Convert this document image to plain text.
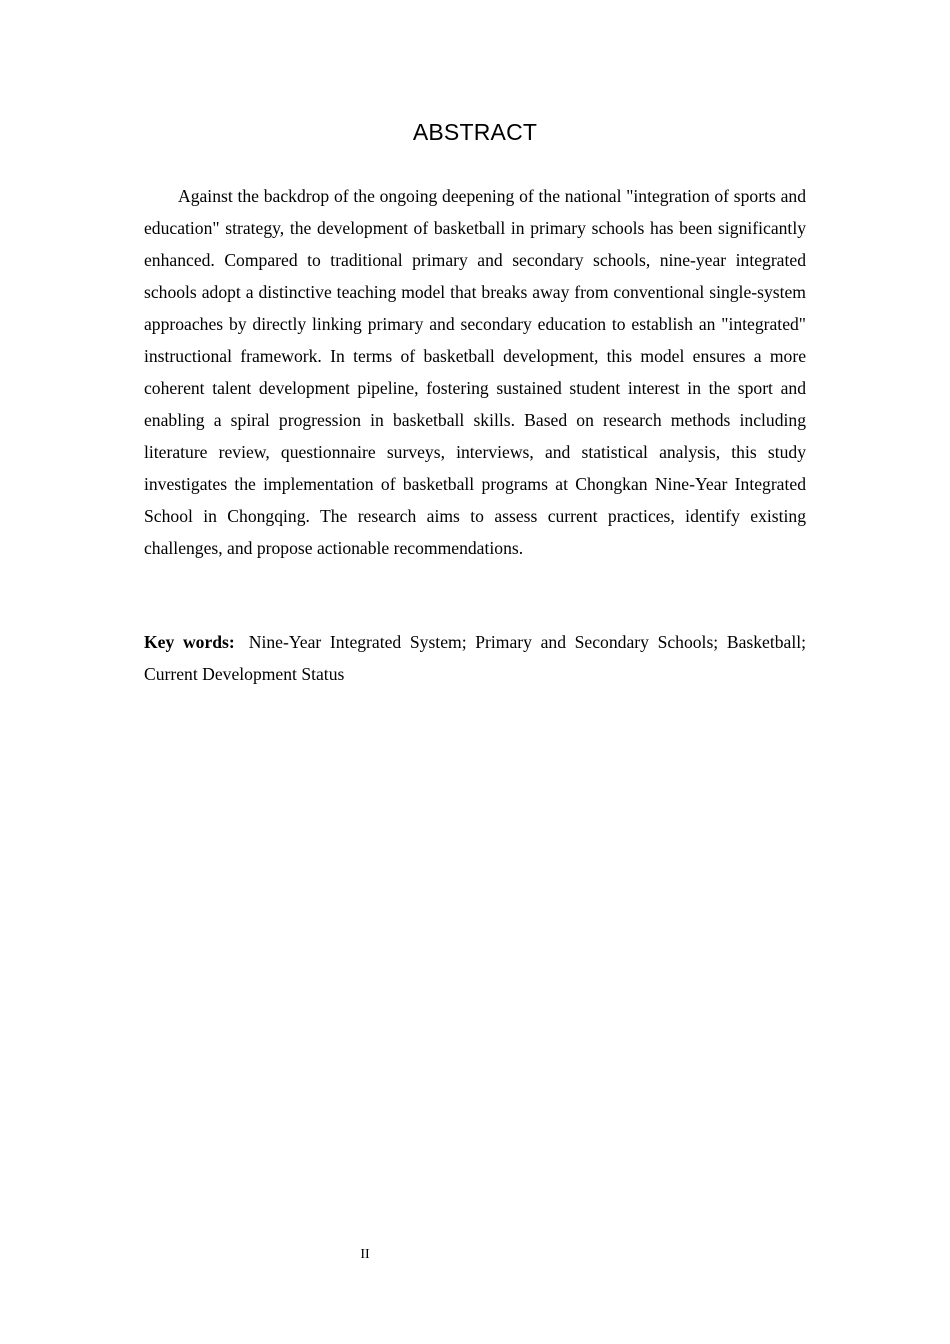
ABSTRACT

Against the backdrop of the ongoing deepening of the national "integration of sports and education" strategy, the development of basketball in primary schools has been significantly enhanced. Compared to traditional primary and secondary schools, nine-year integrated schools adopt a distinctive teaching model that breaks away from conventional single-system approaches by directly linking primary and secondary education to establish an "integrated" instructional framework. In terms of basketball development, this model ensures a more coherent talent development pipeline, fostering sustained student interest in the sport and enabling a spiral progression in basketball skills. Based on research methods including literature review, questionnaire surveys, interviews, and statistical analysis, this study investigates the implementation of basketball programs at Chongkan Nine-Year Integrated School in Chongqing. The research aims to assess current practices, identify existing challenges, and propose actionable recommendations.

Key words: Nine-Year Integrated System; Primary and Secondary Schools; Basketball; Current Development Status

II
